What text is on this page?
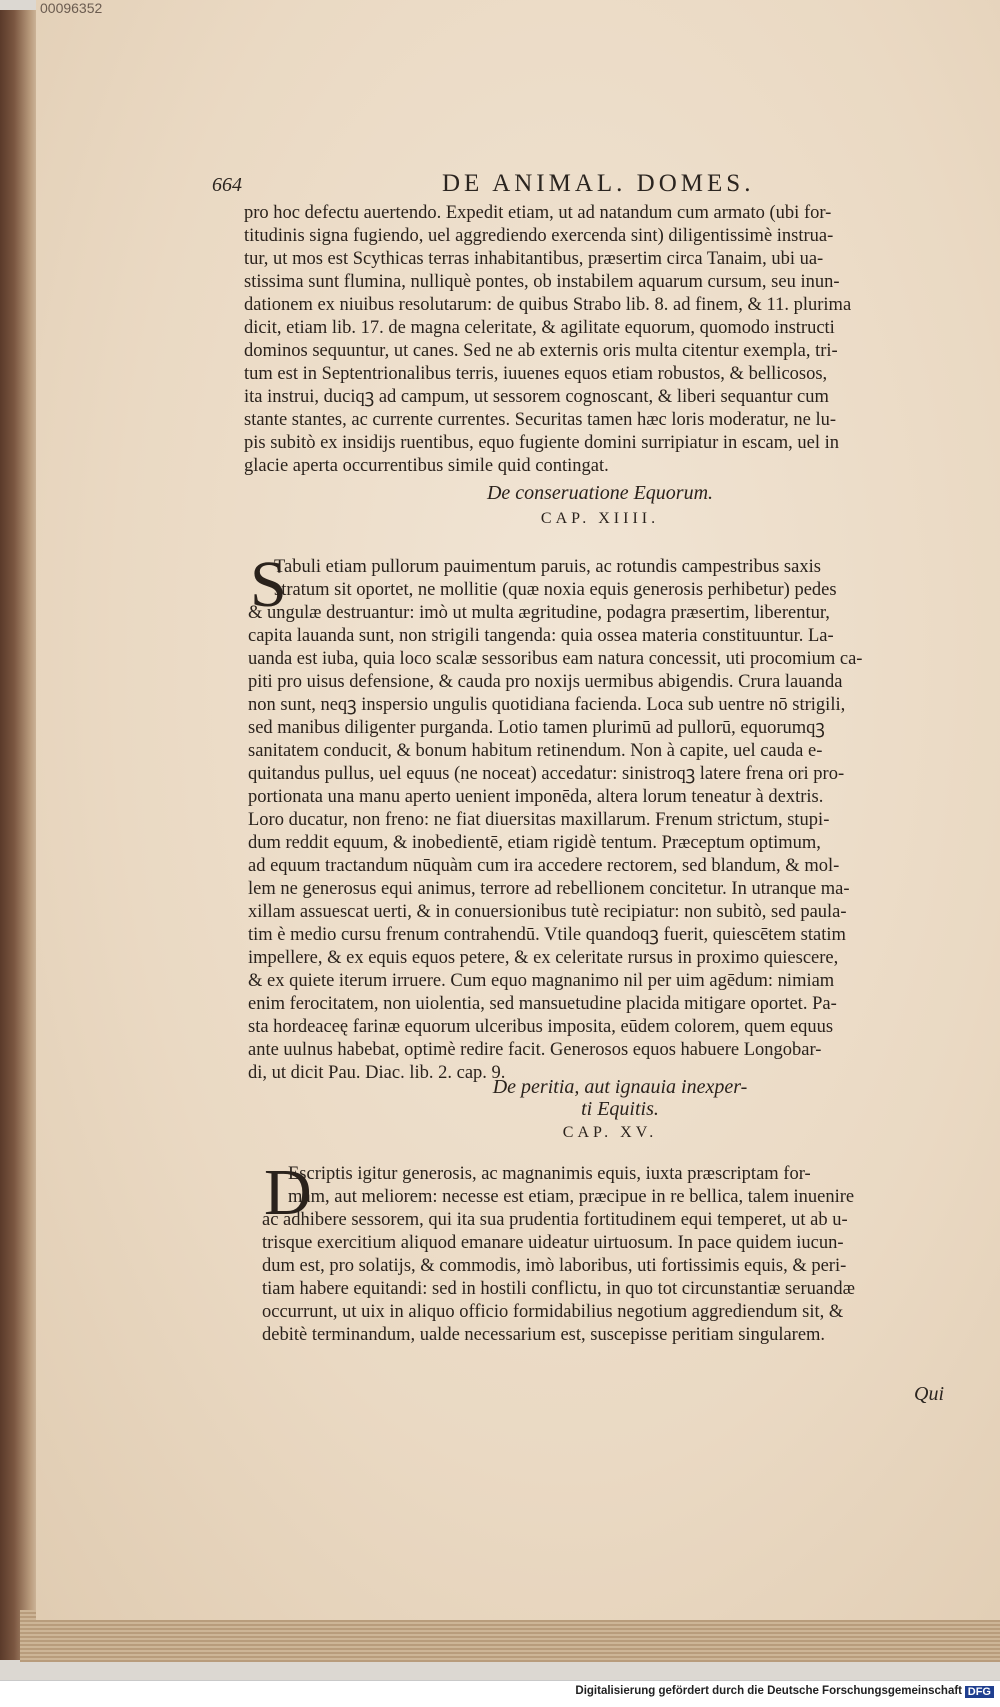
00096352
664	DE ANIMAL. DOMES.
pro hoc defectu auertendo. Expedit etiam, ut ad natandum cum armato (ubi for-
titudinis signa fugiendo, uel aggrediendo exercenda sint) diligentissimè instrua-
tur, ut mos est Scythicas terras inhabitantibus, præsertim circa Tanaim, ubi ua-
stissima sunt flumina, nulliquè pontes, ob instabilem aquarum cursum, seu inun-
dationem ex niuibus resolutarum: de quibus Strabo lib. 8. ad finem, & 11. plurima
dicit, etiam lib. 17. de magna celeritate, & agilitate equorum, quomodo instructi
dominos sequuntur, ut canes. Sed ne ab externis oris multa citentur exempla, tri-
tum est in Septentrionalibus terris, iuuenes equos etiam robustos, & bellicosos,
ita instrui, duciqꝫ ad campum, ut sessorem cognoscant, & liberi sequantur cum
stante stantes, ac currente currentes. Securitas tamen hæc loris moderatur, ne lu-
pis subitò ex insidijs ruentibus, equo fugiente domini surripiatur in escam, uel in
glacie aperta occurrentibus simile quid contingat.
De conseruatione Equorum.
CAP. XIIII.
S
Tabuli etiam pullorum pauimentum paruis, ac rotundis campestribus saxis
stratum sit oportet, ne mollitie (quæ noxia equis generosis perhibetur) pedes
& ungulæ destruantur: imò ut multa ægritudine, podagra præsertim, liberentur,
capita lauanda sunt, non strigili tangenda: quia ossea materia constituuntur. La-
uanda est iuba, quia loco scalæ sessoribus eam natura concessit, uti procomium ca-
piti pro uisus defensione, & cauda pro noxijs uermibus abigendis. Crura lauanda
non sunt, neqꝫ inspersio ungulis quotidiana facienda. Loca sub uentre nō strigili,
sed manibus diligenter purganda. Lotio tamen plurimū ad pullorū, equorumqꝫ
sanitatem conducit, & bonum habitum retinendum. Non à capite, uel cauda e-
quitandus pullus, uel equus (ne noceat) accedatur: sinistroqꝫ latere frena ori pro-
portionata una manu aperto uenient imponēda, altera lorum teneatur à dextris.
Loro ducatur, non freno: ne fiat diuersitas maxillarum. Frenum strictum, stupi-
dum reddit equum, & inobedientē, etiam rigidè tentum. Præceptum optimum,
ad equum tractandum nūquàm cum ira accedere rectorem, sed blandum, & mol-
lem ne generosus equi animus, terrore ad rebellionem concitetur. In utranque ma-
xillam assuescat uerti, & in conuersionibus tutè recipiatur: non subitò, sed paula-
tim è medio cursu frenum contrahendū. Vtile quandoqꝫ fuerit, quiescētem statim
impellere, & ex equis equos petere, & ex celeritate rursus in proximo quiescere,
& ex quiete iterum irruere. Cum equo magnanimo nil per uim agēdum: nimiam
enim ferocitatem, non uiolentia, sed mansuetudine placida mitigare oportet. Pa-
sta hordeaceę farinæ equorum ulceribus imposita, eūdem colorem, quem equus
ante uulnus habebat, optimè redire facit. Generosos equos habuere Longobar-
di, ut dicit Pau. Diac. lib. 2. cap. 9.
De peritia, aut ignauia inexper-
ti Equitis.
CAP. XV.
D
Escriptis igitur generosis, ac magnanimis equis, iuxta præscriptam for-
mam, aut meliorem: necesse est etiam, præcipue in re bellica, talem inuenire
ac adhibere sessorem, qui ita sua prudentia fortitudinem equi temperet, ut ab u-
trisque exercitium aliquod emanare uideatur uirtuosum. In pace quidem iucun-
dum est, pro solatijs, & commodis, imò laboribus, uti fortissimis equis, & peri-
tiam habere equitandi: sed in hostili conflictu, in quo tot circunstantiæ seruandæ
occurrunt, ut uix in aliquo officio formidabilius negotium aggrediendum sit, &
debitè terminandum, ualde necessarium est, suscepisse peritiam singularem.
Qui
Digitalisierung gefördert durch die Deutsche Forschungsgemeinschaft DFG
